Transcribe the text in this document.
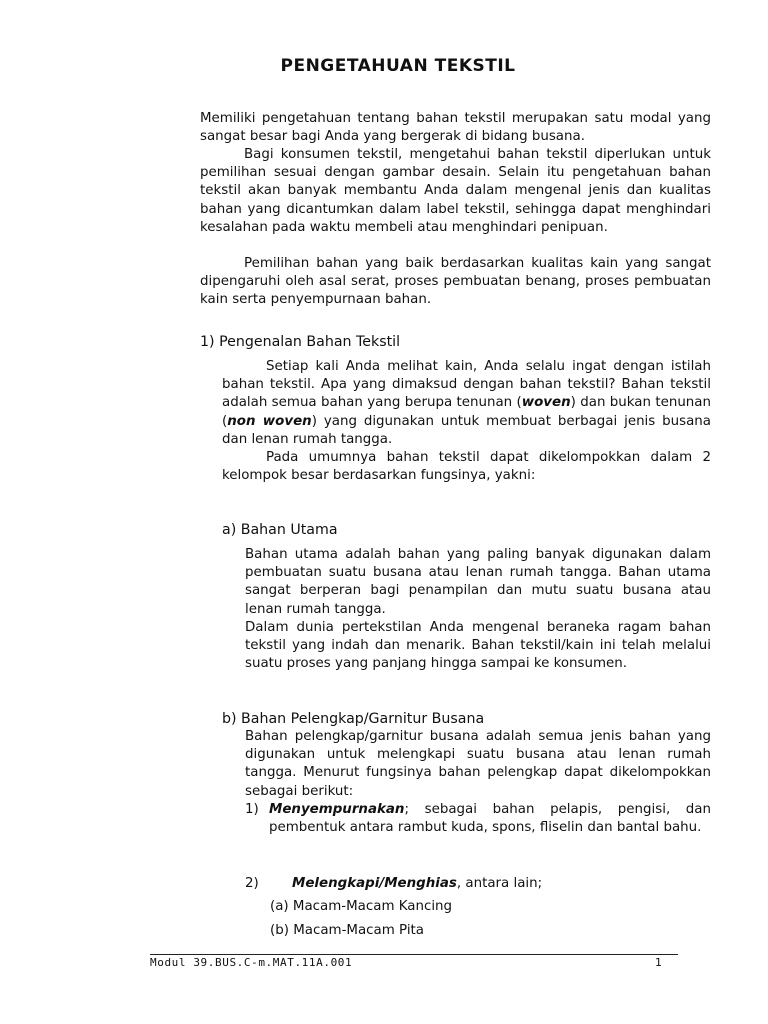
PENGETAHUAN TEKSTIL

Memiliki pengetahuan tentang bahan tekstil merupakan satu modal yang sangat besar bagi Anda yang bergerak di bidang busana.

Bagi konsumen tekstil, mengetahui bahan tekstil diperlukan untuk pemilihan sesuai dengan gambar desain. Selain itu pengetahuan bahan tekstil akan banyak membantu Anda dalam mengenal jenis dan kualitas bahan yang dicantumkan dalam label tekstil, sehingga dapat menghindari kesalahan pada waktu membeli atau menghindari penipuan.

Pemilihan bahan yang baik berdasarkan kualitas kain yang sangat dipengaruhi oleh asal serat, proses pembuatan benang, proses pembuatan kain serta penyempurnaan bahan.

1) Pengenalan Bahan Tekstil

Setiap kali Anda melihat kain, Anda selalu ingat dengan istilah bahan tekstil. Apa yang dimaksud dengan bahan tekstil? Bahan tekstil adalah semua bahan yang berupa tenunan (woven) dan bukan tenunan (non woven) yang digunakan untuk membuat berbagai jenis busana dan lenan rumah tangga.

Pada umumnya bahan tekstil dapat dikelompokkan dalam 2 kelompok besar berdasarkan fungsinya, yakni:

a) Bahan Utama

Bahan utama adalah bahan yang paling banyak digunakan dalam pembuatan suatu busana atau lenan rumah tangga. Bahan utama sangat berperan bagi penampilan dan mutu suatu busana atau lenan rumah tangga.

Dalam dunia pertekstilan Anda mengenal beraneka ragam bahan tekstil yang indah dan menarik. Bahan tekstil/kain ini telah melalui suatu proses yang panjang hingga sampai ke konsumen.

b) Bahan Pelengkap/Garnitur Busana

Bahan pelengkap/garnitur busana adalah semua jenis bahan yang digunakan untuk melengkapi suatu busana atau lenan rumah tangga. Menurut fungsinya bahan pelengkap dapat dikelompokkan sebagai berikut:

1) Menyempurnakan; sebagai bahan pelapis, pengisi, dan pembentuk antara rambut kuda, spons, fliselin dan bantal bahu.
2) Melengkapi/Menghias, antara lain;
(a) Macam-Macam Kancing
(b) Macam-Macam Pita
Modul 39.BUS.C-m.MAT.11A.001	1
